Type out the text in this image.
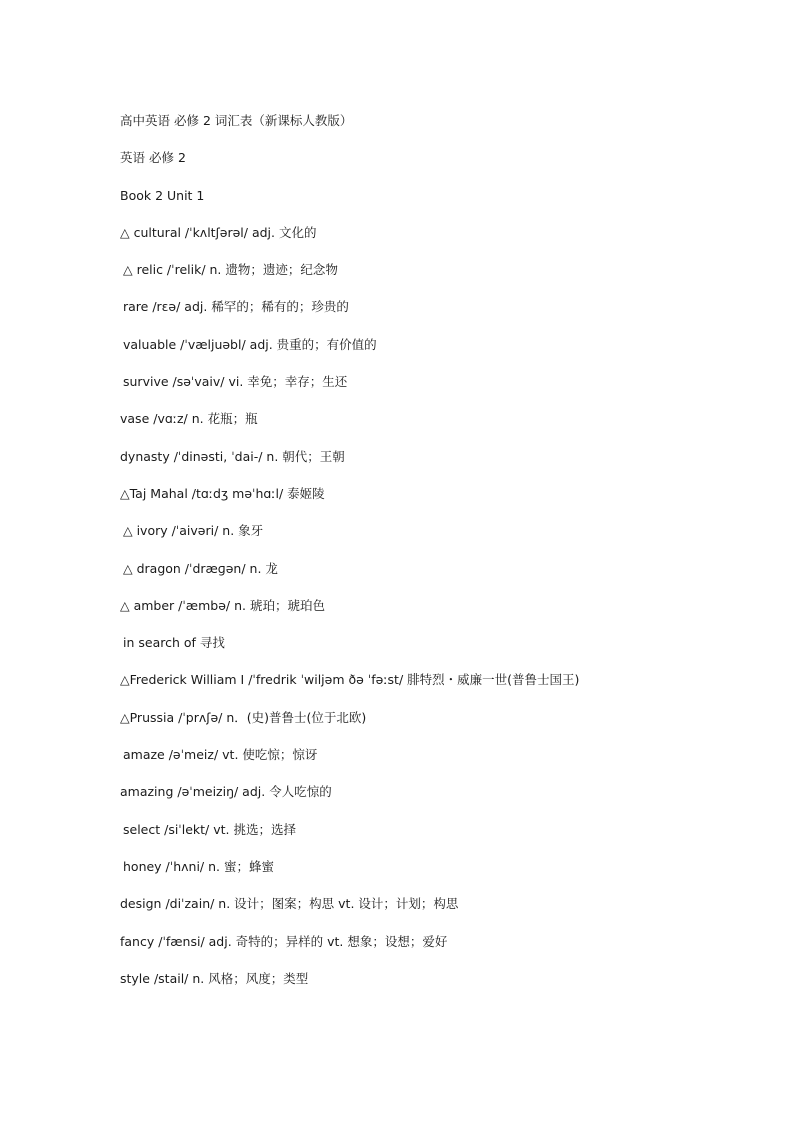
高中英语 必修 2 词汇表（新课标人教版）
英语 必修 2
Book 2 Unit 1
△ cultural /ˈkʌltʃərəl/ adj. 文化的
△ relic /ˈrelik/ n. 遗物；遗迹；纪念物
rare /rɛə/ adj. 稀罕的；稀有的；珍贵的
valuable /ˈvæljuəbl/ adj. 贵重的；有价值的
survive /səˈvaiv/ vi. 幸免；幸存；生还
vase /vɑːz/ n. 花瓶；瓶
dynasty /ˈdinəsti, ˈdai-/ n. 朝代；王朝
△Taj Mahal /tɑːdʒ məˈhɑːl/ 泰姬陵
△ ivory /ˈaivəri/ n. 象牙
△ dragon /ˈdræɡən/ n. 龙
△ amber /ˈæmbə/ n. 琥珀；琥珀色
in search of 寻找
△Frederick William Ⅰ /ˈfredrik ˈwiljəm ðə ˈfəːst/ 腓特烈・威廉一世(普鲁士国王)
△Prussia /ˈprʌʃə/ n．(史)普鲁士(位于北欧)
amaze /əˈmeiz/ vt. 使吃惊；惊讶
amazing /əˈmeiziŋ/ adj. 令人吃惊的
select /siˈlekt/ vt. 挑选；选择
honey /ˈhʌni/ n. 蜜；蜂蜜
design /diˈzain/ n. 设计；图案；构思 vt. 设计；计划；构思
fancy /ˈfænsi/ adj. 奇特的；异样的 vt. 想象；设想；爱好
style /stail/ n. 风格；风度；类型
